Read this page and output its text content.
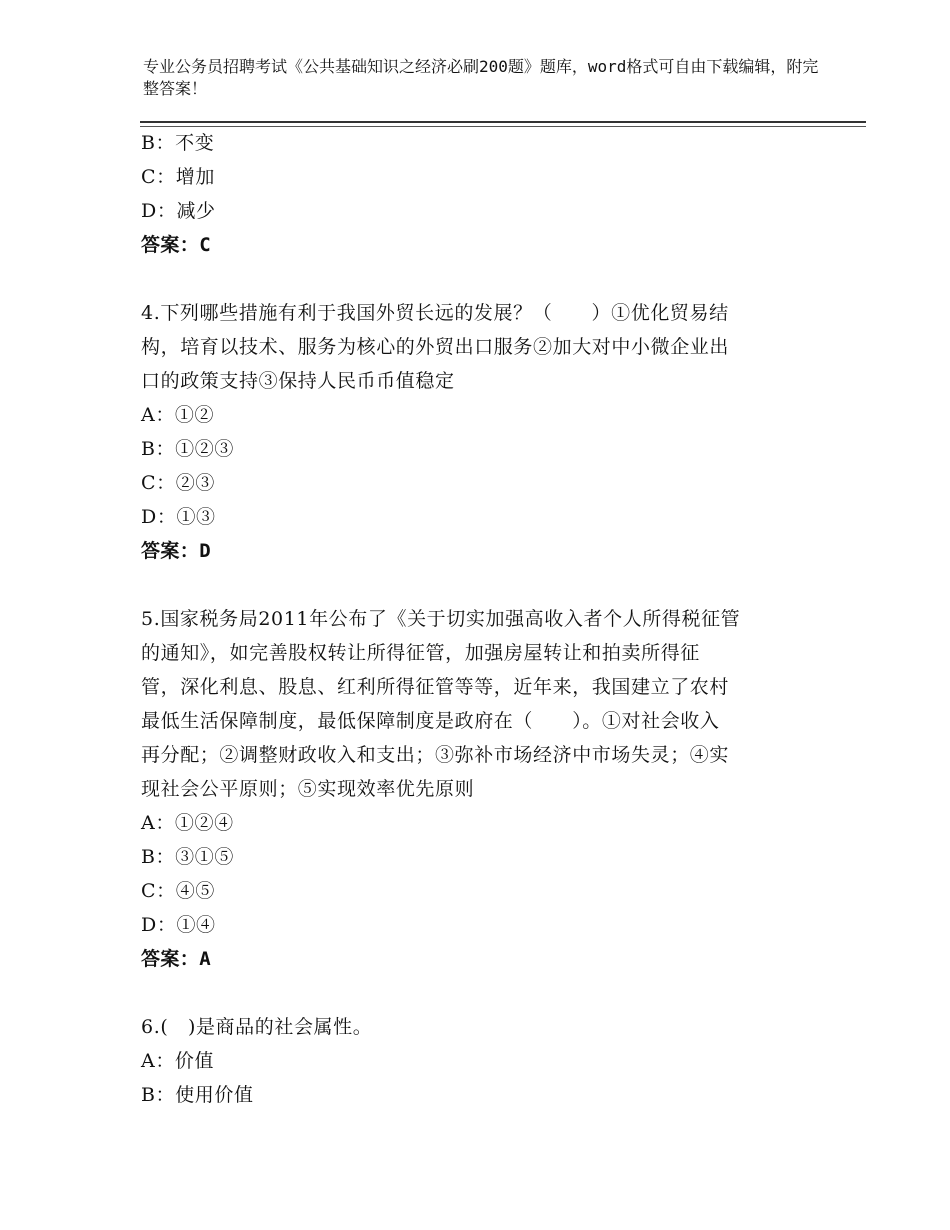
专业公务员招聘考试《公共基础知识之经济必刷200题》题库，word格式可自由下载编辑，附完整答案！
B：不变
C：增加
D：减少
答案：C
4.下列哪些措施有利于我国外贸长远的发展？（　　）①优化贸易结
构，培育以技术、服务为核心的外贸出口服务②加大对中小微企业出
口的政策支持③保持人民币币值稳定
A：①②
B：①②③
C：②③
D：①③
答案：D
5.国家税务局2011年公布了《关于切实加强高收入者个人所得税征管
的通知》，如完善股权转让所得征管，加强房屋转让和拍卖所得征
管，深化利息、股息、红利所得征管等等，近年来，我国建立了农村
最低生活保障制度，最低保障制度是政府在（　　）。①对社会收入
再分配；②调整财政收入和支出；③弥补市场经济中市场失灵；④实
现社会公平原则；⑤实现效率优先原则
A：①②④
B：③①⑤
C：④⑤
D：①④
答案：A
6.(　)是商品的社会属性。
A：价值
B：使用价值
